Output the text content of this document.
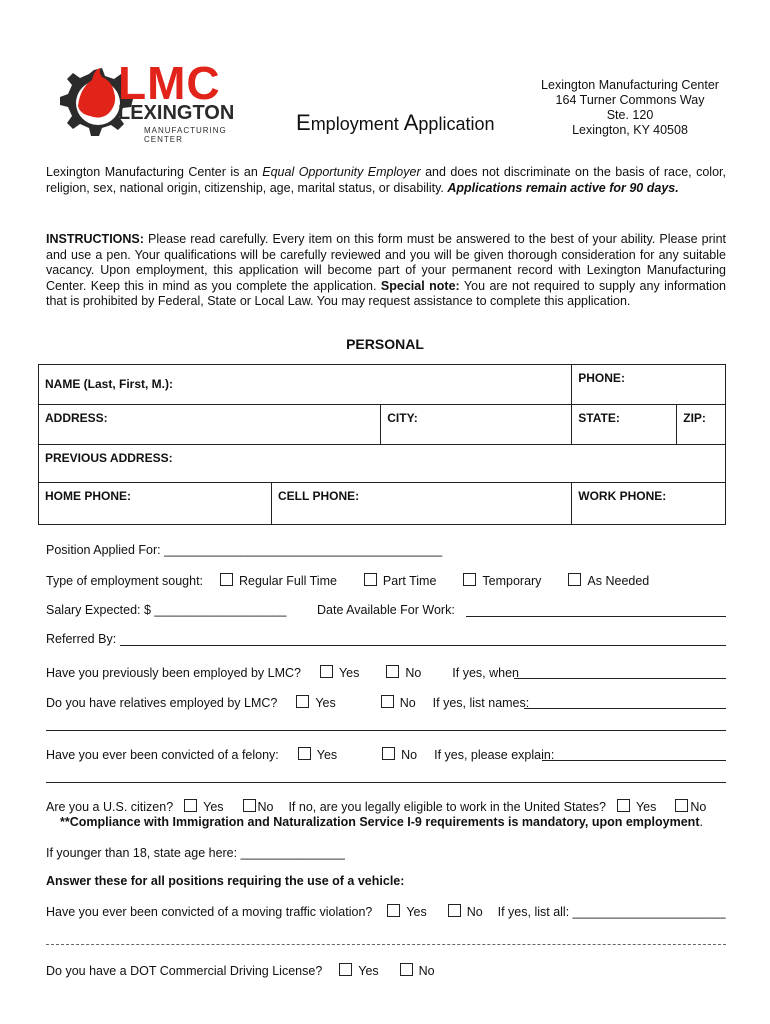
LMC
LEXINGTON
MANUFACTURING CENTER
Employment Application
Lexington Manufacturing Center
164 Turner Commons Way
Ste. 120
Lexington, KY 40508
Lexington Manufacturing Center is an Equal Opportunity Employer and does not discriminate on the basis of race, color, religion, sex, national origin, citizenship, age, marital status, or disability. Applications remain active for 90 days.
INSTRUCTIONS: Please read carefully. Every item on this form must be answered to the best of your ability. Please print and use a pen. Your qualifications will be carefully reviewed and you will be given thorough consideration for any suitable vacancy. Upon employment, this application will become part of your permanent record with Lexington Manufacturing Center. Keep this in mind as you complete the application. Special note: You are not required to supply any information that is prohibited by Federal, State or Local Law. You may request assistance to complete this application.
PERSONAL
NAME (Last, First, M.):			PHONE:	
ADDRESS:		CITY:	STATE:	ZIP:
PREVIOUS ADDRESS:				
HOME PHONE:	CELL PHONE:		WORK PHONE:	
Position Applied For: ________________________________________
Type of employment sought:	Regular Full Time	Part Time	Temporary	As Needed
Salary Expected: $ ___________________ Date Available For Work:
Referred By:
Have you previously been employed by LMC?	Yes	No If yes, when
Do you have relatives employed by LMC?	Yes	No If yes, list names:
Have you ever been convicted of a felony:	Yes	No If yes, please explain:
Are you a U.S. citizen? Yes	No If no, are you legally eligible to work in the United States? Yes	No
**Compliance with Immigration and Naturalization Service I-9 requirements is mandatory, upon employment.
If younger than 18, state age here: _______________
Answer these for all positions requiring the use of a vehicle:
Have you ever been convicted of a moving traffic violation?	Yes	No If yes, list all: ______________________
Do you have a DOT Commercial Driving License?	Yes	No
